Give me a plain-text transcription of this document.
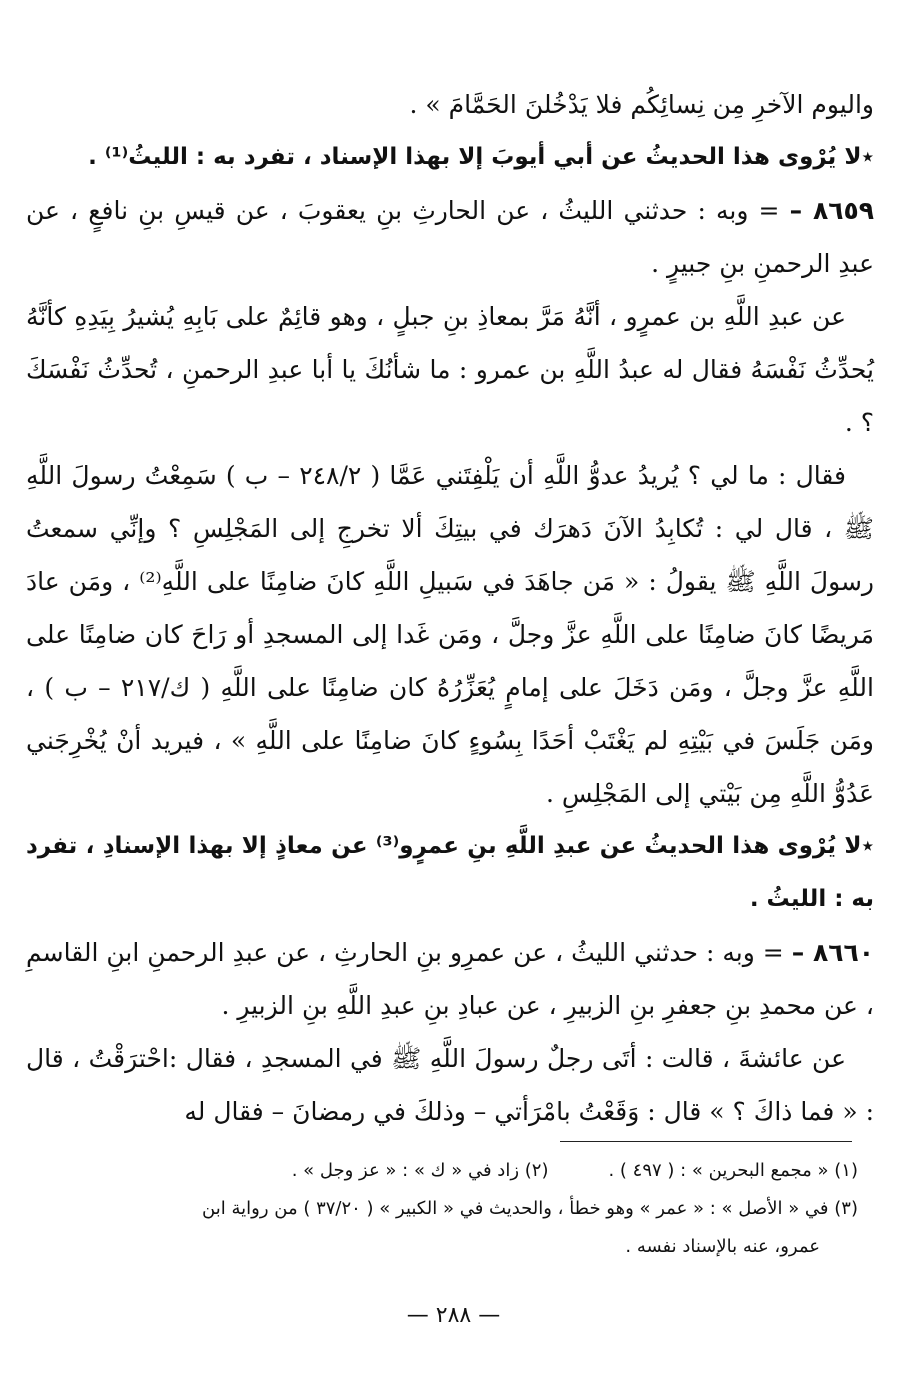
واليوم الآخرِ مِن نِسائِكُم فلا يَدْخُلنَ الحَمَّامَ » .

٭لا يُرْوى هذا الحديثُ عن أبي أيوبَ إلا بهذا الإسناد ، تفرد به : الليثُ⁽¹⁾ .

٨٦٥٩ – = وبه : حدثني الليثُ ، عن الحارثِ بنِ يعقوبَ ، عن قيسِ بنِ نافعٍ ، عن عبدِ الرحمنِ بنِ جبيرٍ .

عن عبدِ اللَّهِ بن عمرٍو ، أنَّهُ مَرَّ بمعاذِ بنِ جبلٍ ، وهو قائِمٌ على بَابِهِ يُشيرُ بِيَدِهِ كأنَّهُ يُحدِّثُ نَفْسَهُ فقال له عبدُ اللَّهِ بن عمرو : ما شأنُكَ يا أبا عبدِ الرحمنِ ، تُحدِّثُ نَفْسَكَ ؟ .

فقال : ما لي ؟ يُريدُ عدوُّ اللَّهِ أن يَلْفِتَني عَمَّا ( ٢٤٨/٢ – ب ) سَمِعْتُ رسولَ اللَّهِ ﷺ ، قال لي : تُكابِدُ الآنَ دَهرَك في بيتِكَ ألا تخرجِ إلى المَجْلِسِ ؟ وإنِّي سمعتُ رسولَ اللَّهِ ﷺ يقولُ : « مَن جاهَدَ في سَبيلِ اللَّهِ كانَ ضامِنًا على اللَّهِ⁽²⁾ ، ومَن عادَ مَريضًا كانَ ضامِنًا على اللَّهِ عزَّ وجلَّ ، ومَن غَدا إلى المسجدِ أو رَاحَ كان ضامِنًا على اللَّهِ عزَّ وجلَّ ، ومَن دَخَلَ على إمامٍ يُعَزِّرُهُ كان ضامِنًا على اللَّهِ ( ك/٢١٧ – ب ) ، ومَن جَلَسَ في بَيْتِهِ لم يَغْتَبْ أحَدًا بِسُوءٍ كانَ ضامِنًا على اللَّهِ » ، فيريد أنْ يُخْرِجَني عَدُوُّ اللَّهِ مِن بَيْتي إلى المَجْلِسِ .

٭لا يُرْوى هذا الحديثُ عن عبدِ اللَّهِ بنِ عمرٍو⁽³⁾ عن معاذٍ إلا بهذا الإسنادِ ، تفرد به : الليثُ .

٨٦٦٠ – = وبه : حدثني الليثُ ، عن عمرِو بنِ الحارثِ ، عن عبدِ الرحمنِ ابنِ القاسمِ ، عن محمدِ بنِ جعفرِ بنِ الزبيرِ ، عن عبادِ بنِ عبدِ اللَّهِ بنِ الزبيرِ .

عن عائشةَ ، قالت : أتَى رجلٌ رسولَ اللَّهِ ﷺ في المسجدِ ، فقال :احْترَقْتُ ، قال : « فما ذاكَ ؟ » قال : وَقَعْتُ بامْرَأتي – وذلكَ في رمضانَ – فقال له

(١) « مجمع البحرين » : ( ٤٩٧ ) .

(٢) زاد في « ك » : « عز وجل » .

(٣) في « الأصل » : « عمر » وهو خطأ ، والحديث في « الكبير » ( ٣٧/٢٠ ) من رواية ابن

عمرو، عنه بالإسناد نفسه .

— ٢٨٨ —
